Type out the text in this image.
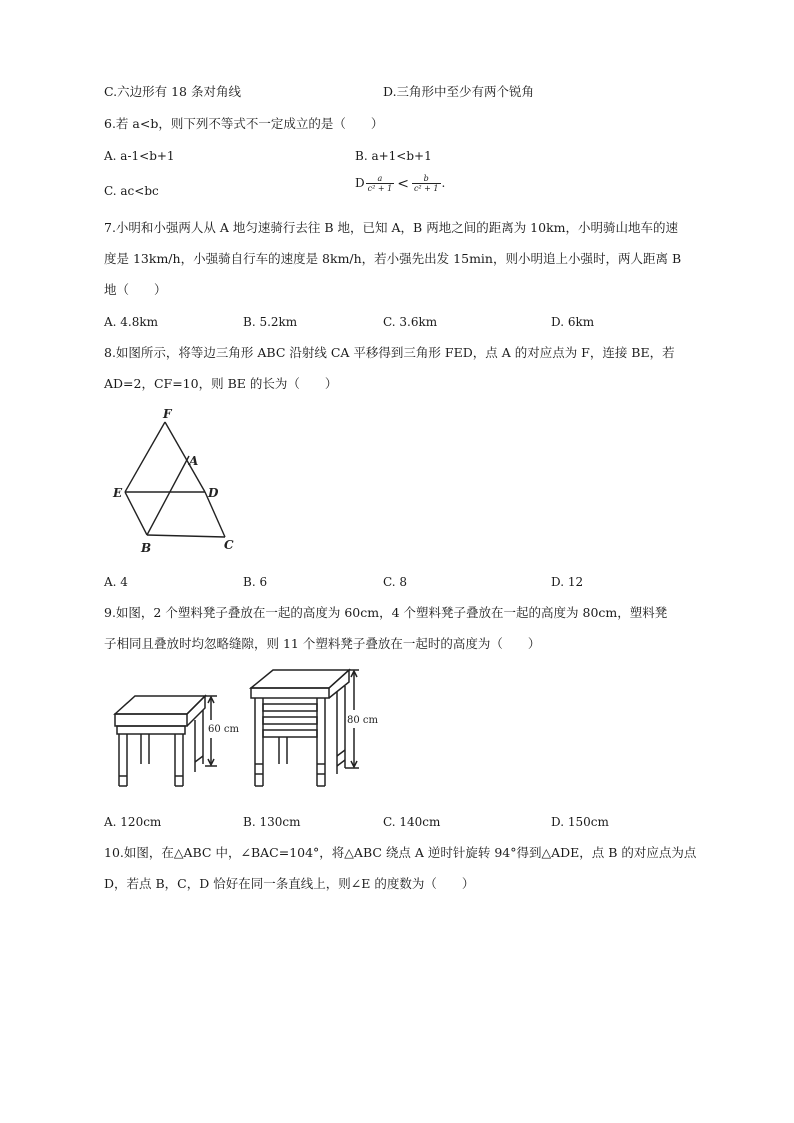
C.六边形有 18 条对角线	D.三角形中至少有两个锐角
6.若 a<b，则下列不等式不一定成立的是（　　）
A. a-1<b+1	B. a+1<b+1
C. ac<bc
D $\frac{a}{\text{c² + 1}} < \frac{b}{\text{c² + 1}}$ .
7.小明和小强两人从 A 地匀速骑行去往 B 地，已知 A，B 两地之间的距离为 10km，小明骑山地车的速
度是 13km/h，小强骑自行车的速度是 8km/h，若小强先出发 15min，则小明追上小强时，两人距离 B
地（　　）
A. 4.8km	B. 5.2km	C. 3.6km	D. 6km
8.如图所示，将等边三角形 ABC 沿射线 CA 平移得到三角形 FED，点 A 的对应点为 F，连接 BE，若
AD=2，CF=10，则 BE 的长为（　　）
F
A
E	D
B	C
A. 4	B. 6	C. 8	D. 12
9.如图，2 个塑料凳子叠放在一起的高度为 60cm，4 个塑料凳子叠放在一起的高度为 80cm，塑料凳
子相同且叠放时均忽略缝隙，则 11 个塑料凳子叠放在一起时的高度为（　　）
60 cm
80 cm
A. 120cm	B. 130cm	C. 140cm	D. 150cm
10.如图，在△ABC 中，∠BAC=104°，将△ABC 绕点 A 逆时针旋转 94°得到△ADE，点 B 的对应点为点
D，若点 B，C，D 恰好在同一条直线上，则∠E 的度数为（　　）
